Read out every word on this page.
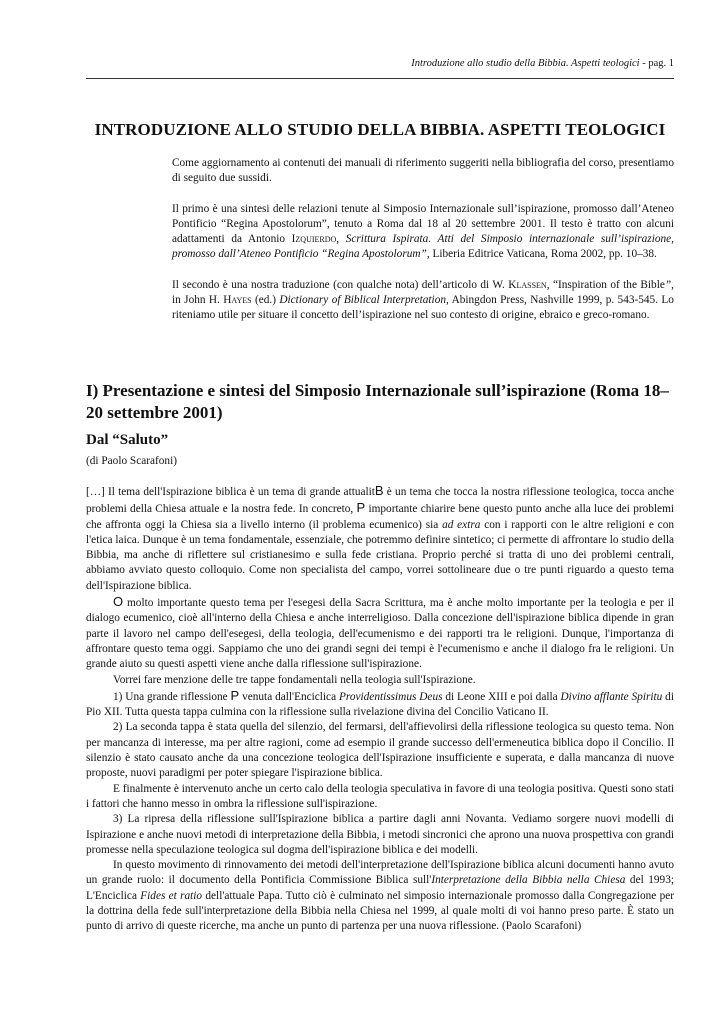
Introduzione allo studio della Bibbia. Aspetti teologici - pag. 1
INTRODUZIONE ALLO STUDIO DELLA BIBBIA. ASPETTI TEOLOGICI

Come aggiornamento ai contenuti dei manuali di riferimento suggeriti nella bibliografia del corso, presentiamo di seguito due sussidi.

Il primo è una sintesi delle relazioni tenute al Simposio Internazionale sull’ispirazione, promosso dall’Ateneo Pontificio “Regina Apostolorum”, tenuto a Roma dal 18 al 20 settembre 2001. Il testo è tratto con alcuni adattamenti da Antonio Izquierdo, Scrittura Ispirata. Atti del Simposio internazionale sull’ispirazione, promosso dall’Ateneo Pontificio “Regina Apostolorum”, Liberia Editrice Vaticana, Roma 2002, pp. 10–38.

Il secondo è una nostra traduzione (con qualche nota) dell’articolo di W. Klassen, “Inspiration of the Bible”, in John H. Hayes (ed.) Dictionary of Biblical Interpretation, Abingdon Press, Nashville 1999, p. 543-545. Lo riteniamo utile per situare il concetto dell’ispirazione nel suo contesto di origine, ebraico e greco-romano.

I) Presentazione e sintesi del Simposio Internazionale sull’ispirazione (Roma 18–20 settembre 2001)
Dal “Saluto”
(di Paolo Scarafoni)

[…] Il tema dell'Ispirazione biblica è un tema di grande attualitB è un tema che tocca la nostra riflessione teologica, tocca anche problemi della Chiesa attuale e la nostra fede. In concreto, P importante chiarire bene questo punto anche alla luce dei problemi che affronta oggi la Chiesa sia a livello interno (il problema ecumenico) sia ad extra con i rapporti con le altre religioni e con l'etica laica. Dunque è un tema fondamentale, essenziale, che potremmo definire sintetico; ci permette di affrontare lo studio della Bibbia, ma anche di riflettere sul cristianesimo e sulla fede cristiana. Proprio perché si tratta di uno dei problemi centrali, abbiamo avviato questo colloquio. Come non specialista del campo, vorrei sottolineare due o tre punti riguardo a questo tema dell'Ispirazione biblica.

O molto importante questo tema per l'esegesi della Sacra Scrittura, ma è anche molto importante per la teologia e per il dialogo ecumenico, cioè all'interno della Chiesa e anche interreligioso. Dalla concezione dell'ispirazione biblica dipende in gran parte il lavoro nel campo dell'esegesi, della teologia, dell'ecumenismo e dei rapporti tra le religioni. Dunque, l'importanza di affrontare questo tema oggi. Sappiamo che uno dei grandi segni dei tempi è l'ecumenismo e anche il dialogo fra le religioni. Un grande aiuto su questi aspetti viene anche dalla riflessione sull'ispirazione.

Vorrei fare menzione delle tre tappe fondamentali nella teologia sull'Ispirazione.

1) Una grande riflessione P venuta dall'Enciclica Providentissimus Deus di Leone XIII e poi dalla Divino afflante Spiritu di Pio XII. Tutta questa tappa culmina con la riflessione sulla rivelazione divina del Concilio Vaticano II.

2) La seconda tappa è stata quella del silenzio, del fermarsi, dell'affievolirsi della riflessione teologica su questo tema. Non per mancanza di interesse, ma per altre ragioni, come ad esempio il grande successo dell'ermeneutica biblica dopo il Concilio. Il silenzio è stato causato anche da una concezione teologica dell'Ispirazione insufficiente e superata, e dalla mancanza di nuove proposte, nuovi paradigmi per poter spiegare l'ispirazione biblica.

E finalmente è intervenuto anche un certo calo della teologia speculativa in favore di una teologia positiva. Questi sono stati i fattori che hanno messo in ombra la riflessione sull'ispirazione.

3) La ripresa della riflessione sull'Ispirazione biblica a partire dagli anni Novanta. Vediamo sorgere nuovi modelli di Ispirazione e anche nuovi metodi di interpretazione della Bibbia, i metodi sincronici che aprono una nuova prospettiva con grandi promesse nella speculazione teologica sul dogma dell'ispirazione biblica e dei modelli.

In questo movimento di rinnovamento dei metodi dell'interpretazione dell'Ispirazione biblica alcuni documenti hanno avuto un grande ruolo: il documento della Pontificia Commissione Biblica sull'Interpretazione della Bibbia nella Chiesa del 1993; L'Enciclica Fides et ratio dell'attuale Papa. Tutto ciò è culminato nel simposio internazionale promosso dalla Congregazione per la dottrina della fede sull'interpretazione della Bibbia nella Chiesa nel 1999, al quale molti di voi hanno preso parte. È stato un punto di arrivo di queste ricerche, ma anche un punto di partenza per una nuova riflessione. (Paolo Scarafoni)
